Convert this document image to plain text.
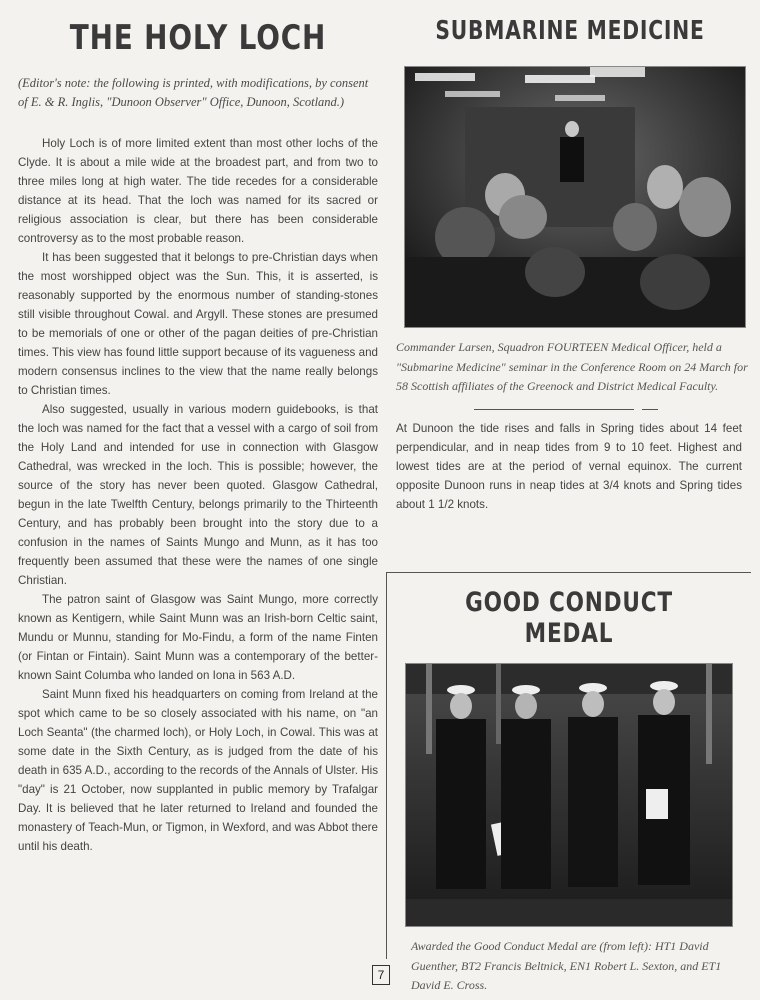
THE HOLY LOCH

(Editor's note: the following is printed, with modifications, by consent of E. & R. Inglis, "Dunoon Observer" Office, Dunoon, Scotland.)

Holy Loch is of more limited extent than most other lochs of the Clyde. It is about a mile wide at the broadest part, and from two to three miles long at high water. The tide recedes for a considerable distance at its head. That the loch was named for its sacred or religious association is clear, but there has been considerable controversy as to the most probable reason.

It has been suggested that it belongs to pre-Christian days when the most worshipped object was the Sun. This, it is asserted, is reasonably supported by the enormous number of standing-stones still visible throughout Cowal. and Argyll. These stones are presumed to be memorials of one or other of the pagan deities of pre-Christian times. This view has found little support because of its vagueness and modern consensus inclines to the view that the name really belongs to Christian times.

Also suggested, usually in various modern guidebooks, is that the loch was named for the fact that a vessel with a cargo of soil from the Holy Land and intended for use in connection with Glasgow Cathedral, was wrecked in the loch. This is possible; however, the source of the story has never been quoted. Glasgow Cathedral, begun in the late Twelfth Century, belongs primarily to the Thirteenth Century, and has probably been brought into the story due to a confusion in the names of Saints Mungo and Munn, as it has too frequently been assumed that these were the names of one single Christian.

The patron saint of Glasgow was Saint Mungo, more correctly known as Kentigern, while Saint Munn was an Irish-born Celtic saint, Mundu or Munnu, standing for Mo-Findu, a form of the name Finten (or Fintan or Fintain). Saint Munn was a contemporary of the better-known Saint Columba who landed on Iona in 563 A.D.

Saint Munn fixed his headquarters on coming from Ireland at the spot which came to be so closely associated with his name, on "an Loch Seanta" (the charmed loch), or Holy Loch, in Cowal. This was at some date in the Sixth Century, as is judged from the date of his death in 635 A.D., according to the records of the Annals of Ulster. His "day" is 21 October, now supplanted in public memory by Trafalgar Day. It is believed that he later returned to Ireland and founded the monastery of Teach-Mun, or Tigmon, in Wexford, and was Abbot there until his death.

SUBMARINE MEDICINE

Commander Larsen, Squadron FOURTEEN Medical Officer, held a "Submarine Medicine" seminar in the Conference Room on 24 March for 58 Scottish affiliates of the Greenock and District Medical Faculty.

At Dunoon the tide rises and falls in Spring tides about 14 feet perpendicular, and in neap tides from 9 to 10 feet. Highest and lowest tides are at the period of vernal equinox. The current opposite Dunoon runs in neap tides at 3/4 knots and Spring tides about 1 1/2 knots.

GOOD CONDUCT MEDAL

Awarded the Good Conduct Medal are (from left): HT1 David Guenther, BT2 Francis Beltnick, EN1 Robert L. Sexton, and ET1 David E. Cross.

7
